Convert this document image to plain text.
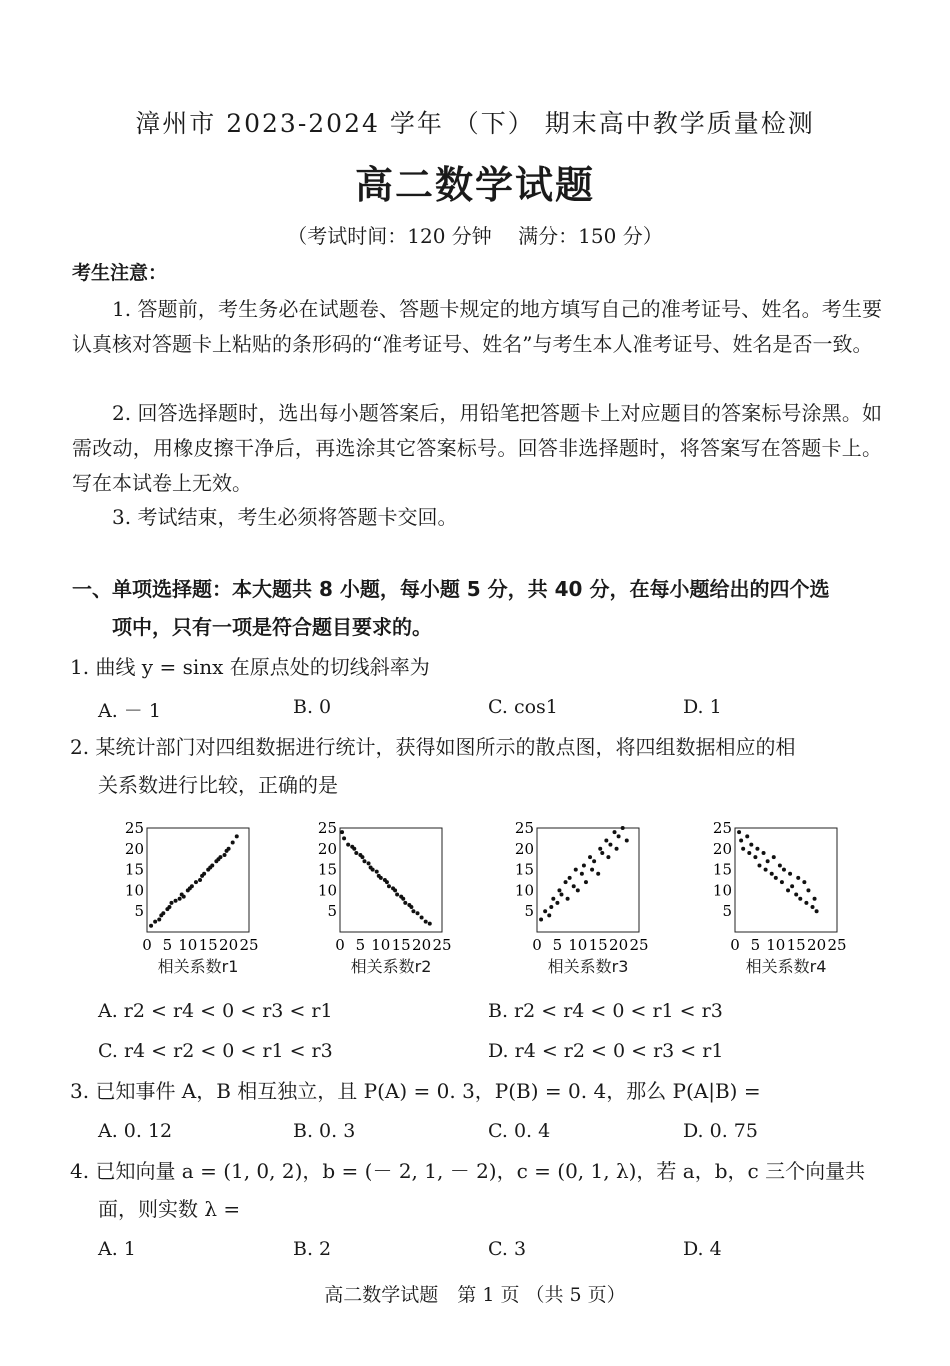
漳州市 2023-2024 学年 （下） 期末高中教学质量检测
高二数学试题
（考试时间：120 分钟　 满分：150 分）
考生注意：
1. 答题前，考生务必在试题卷、答题卡规定的地方填写自己的准考证号、姓名。考生要认真核对答题卡上粘贴的条形码的“准考证号、姓名”与考生本人准考证号、姓名是否一致。
2. 回答选择题时，选出每小题答案后，用铅笔把答题卡上对应题目的答案标号涂黑。如需改动，用橡皮擦干净后，再选涂其它答案标号。回答非选择题时，将答案写在答题卡上。写在本试卷上无效。
3. 考试结束，考生必须将答题卡交回。
一、单项选择题：本大题共 8 小题，每小题 5 分，共 40 分，在每小题给出的四个选
项中，只有一项是符合题目要求的。
1. 曲线 y = sinx 在原点处的切线斜率为
A. － 1	B. 0	C. cos1	D. 1
2. 某统计部门对四组数据进行统计，获得如图所示的散点图，将四组数据相应的相
关系数进行比较，正确的是
0
5
5
10
10
15
15
20
20
25
25
相关系数r1
0
5
5
10
10
15
15
20
20
25
25
相关系数r2
0
5
5
10
10
15
15
20
20
25
25
相关系数r3
0
5
5
10
10
15
15
20
20
25
25
相关系数r4
A. r2 < r4 < 0 < r3 < r1	B. r2 < r4 < 0 < r1 < r3
C. r4 < r2 < 0 < r1 < r3	D. r4 < r2 < 0 < r3 < r1
3. 已知事件 A，B 相互独立，且 P(A) = 0. 3，P(B) = 0. 4，那么 P(A|B) =
A. 0. 12	B. 0. 3	C. 0. 4	D. 0. 75
4. 已知向量 a = (1, 0, 2)，b = (－ 2, 1, － 2)，c = (0, 1, λ)，若 a，b，c 三个向量共
面，则实数 λ =
A. 1	B. 2	C. 3	D. 4
高二数学试题　第 1 页 （共 5 页）
